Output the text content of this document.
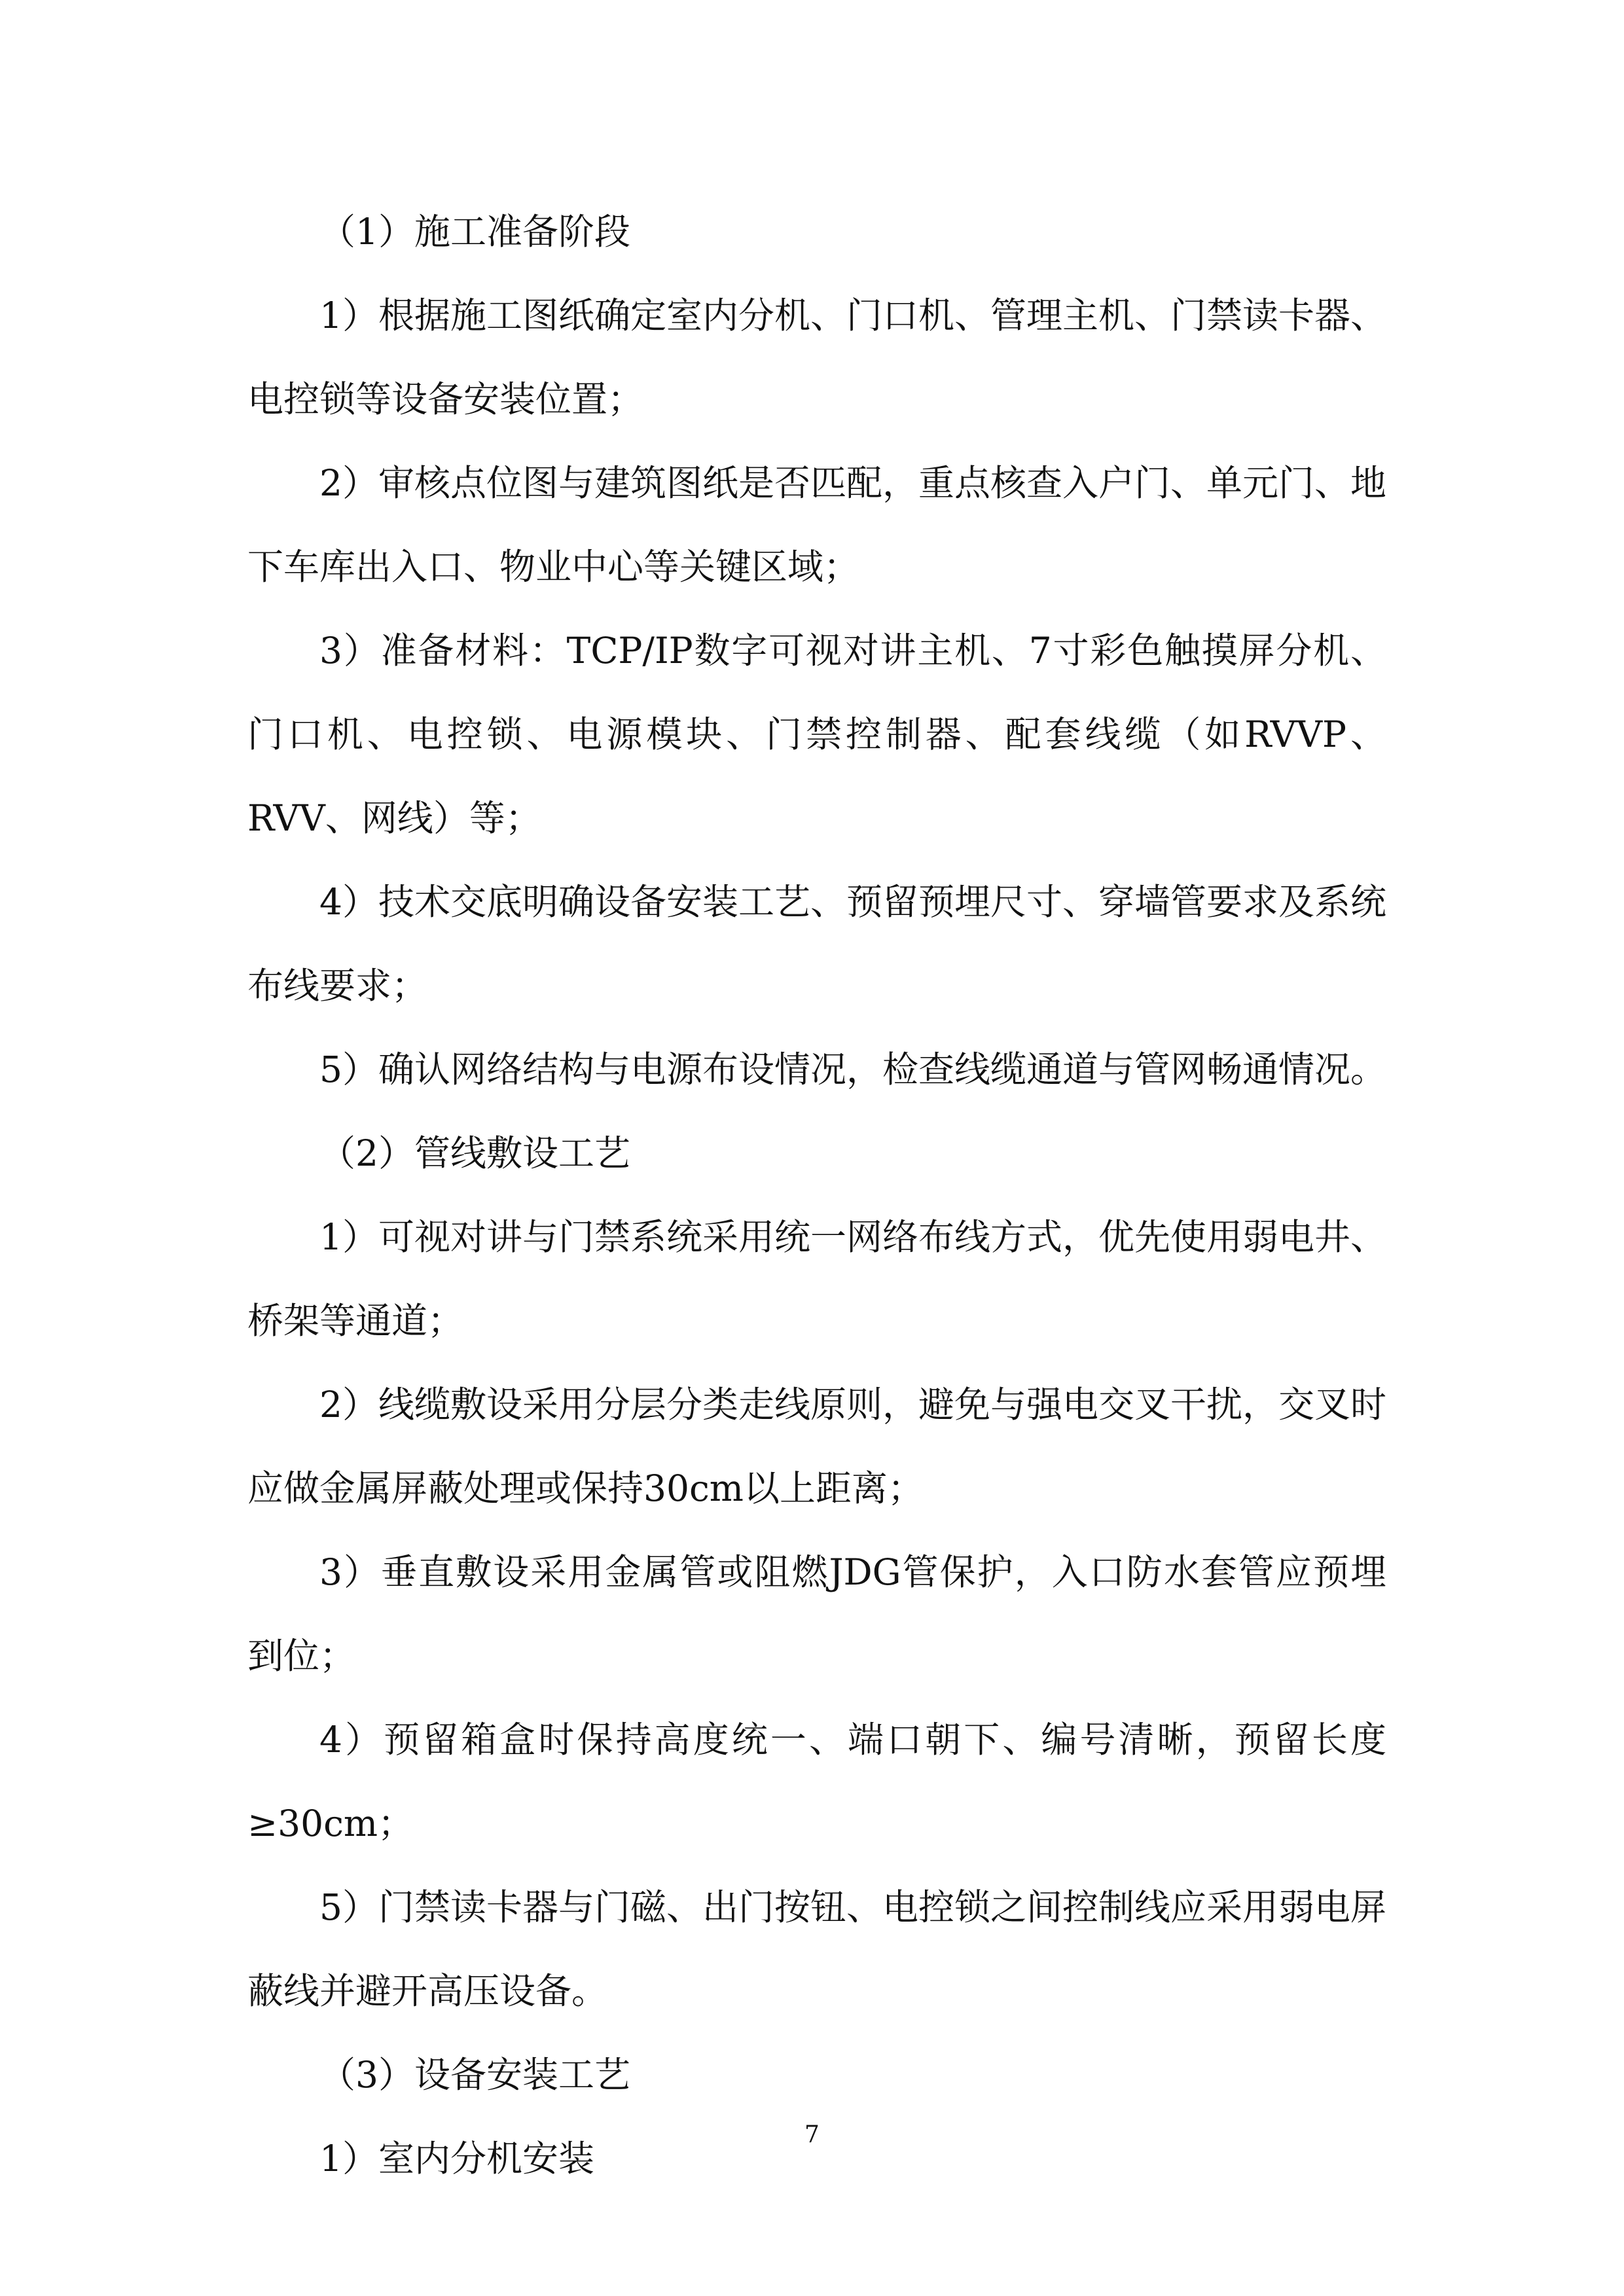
（1）施工准备阶段

1）根据施工图纸确定室内分机、门口机、管理主机、门禁读卡器、电控锁等设备安装位置；

2）审核点位图与建筑图纸是否匹配，重点核查入户门、单元门、地下车库出入口、物业中心等关键区域；

3）准备材料：TCP/IP数字可视对讲主机、7寸彩色触摸屏分机、门口机、电控锁、电源模块、门禁控制器、配套线缆（如RVVP、RVV、网线）等；

4）技术交底明确设备安装工艺、预留预埋尺寸、穿墙管要求及系统布线要求；

5）确认网络结构与电源布设情况，检查线缆通道与管网畅通情况。

（2）管线敷设工艺

1）可视对讲与门禁系统采用统一网络布线方式，优先使用弱电井、桥架等通道；

2）线缆敷设采用分层分类走线原则，避免与强电交叉干扰，交叉时应做金属屏蔽处理或保持30cm以上距离；

3）垂直敷设采用金属管或阻燃JDG管保护，入口防水套管应预埋到位；

4）预留箱盒时保持高度统一、端口朝下、编号清晰，预留长度≥30cm；

5）门禁读卡器与门磁、出门按钮、电控锁之间控制线应采用弱电屏蔽线并避开高压设备。

（3）设备安装工艺

1）室内分机安装

7
